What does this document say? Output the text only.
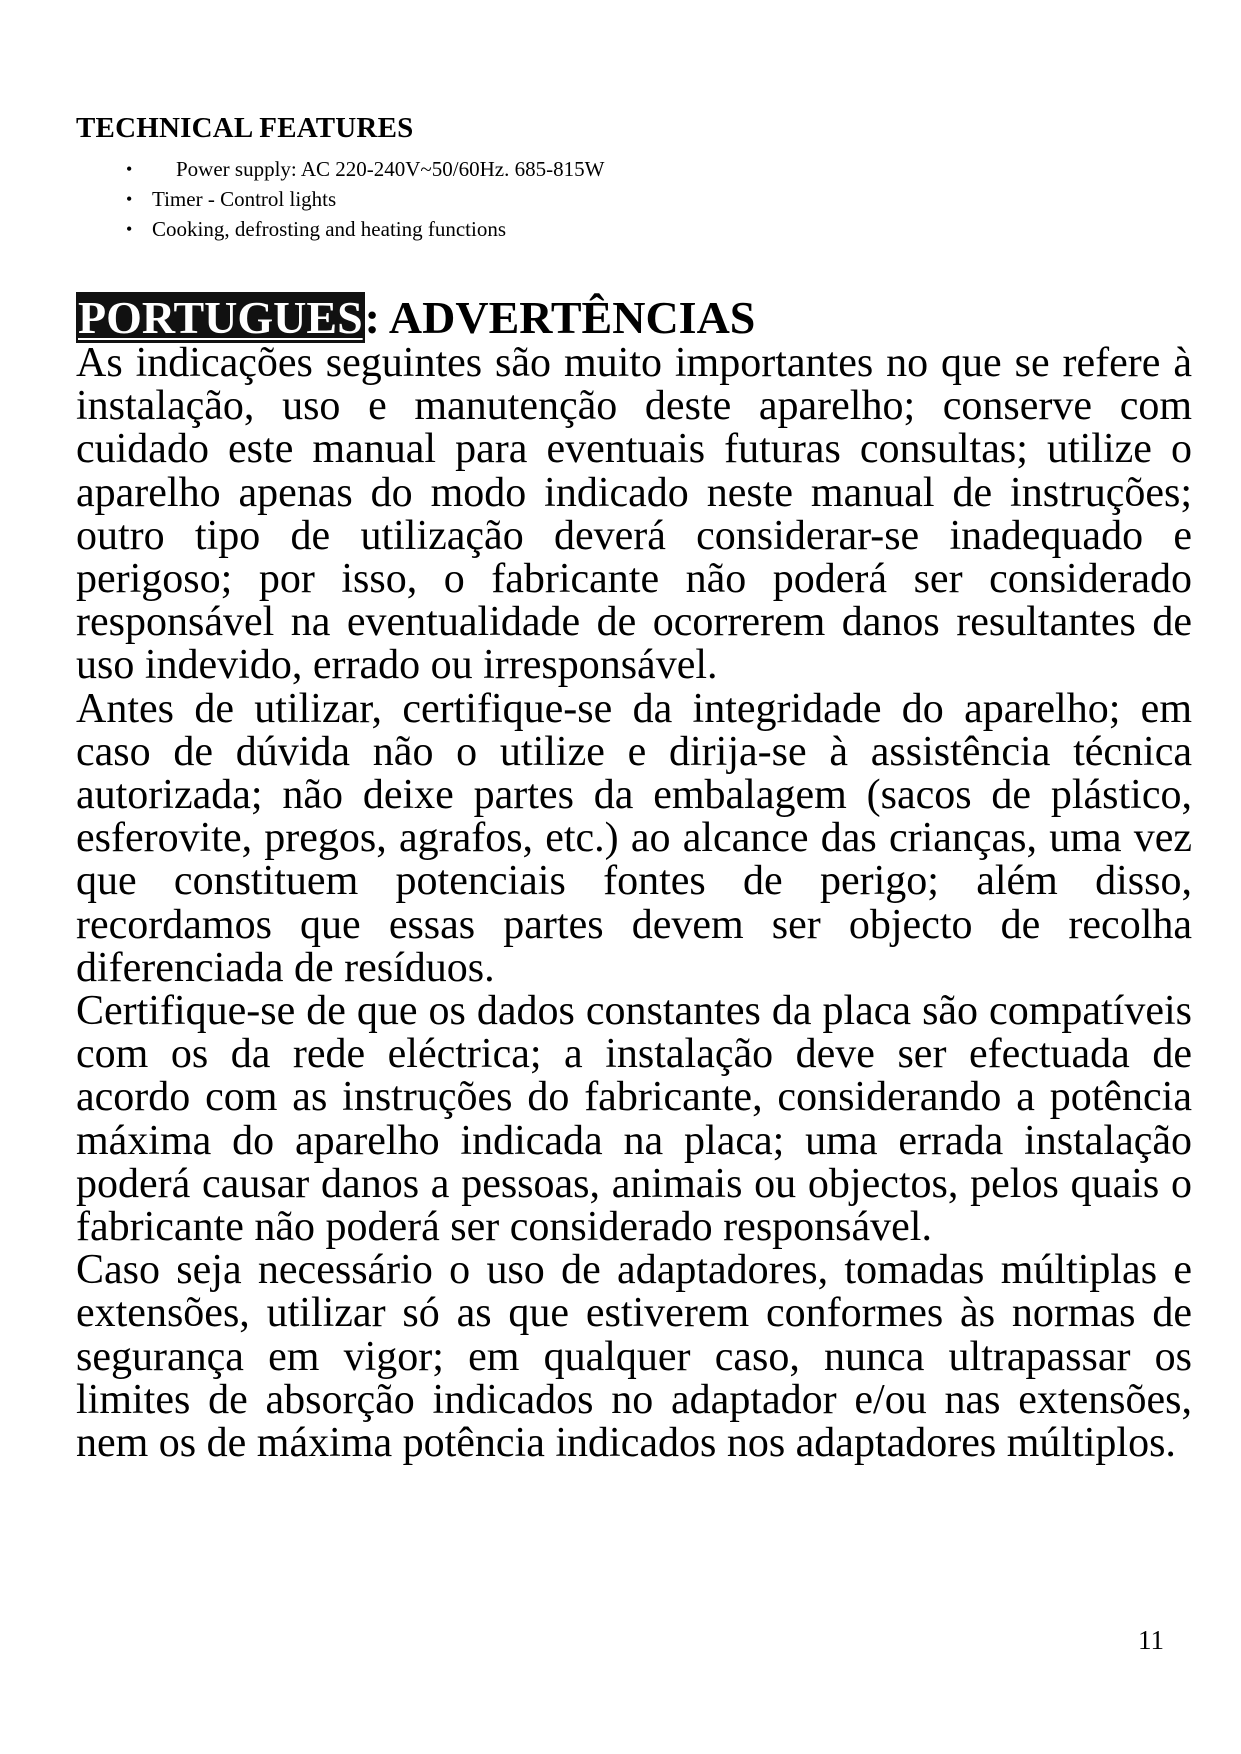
TECHNICAL FEATURES
• Power supply: AC 220-240V~50/60Hz. 685-815W
• Timer - Control lights
• Cooking, defrosting and heating functions
PORTUGUES: ADVERTÊNCIAS

As indicações seguintes são muito importantes no que se refere à instalação, uso e manutenção deste aparelho; conserve com cuidado este manual para eventuais futuras consultas; utilize o aparelho apenas do modo indicado neste manual de instruções; outro tipo de utilização deverá considerar-se inadequado e perigoso; por isso, o fabricante não poderá ser considerado responsável na eventualidade de ocorrerem danos resultantes de uso indevido, errado ou irresponsável.

Antes de utilizar, certifique-se da integridade do aparelho; em caso de dúvida não o utilize e dirija-se à assistência técnica autorizada; não deixe partes da embalagem (sacos de plástico, esferovite, pregos, agrafos, etc.) ao alcance das crianças, uma vez que constituem potenciais fontes de perigo; além disso, recordamos que essas partes devem ser objecto de recolha diferenciada de resíduos.

Certifique-se de que os dados constantes da placa são compatíveis com os da rede eléctrica; a instalação deve ser efectuada de acordo com as instruções do fabricante, considerando a potência máxima do aparelho indicada na placa; uma errada instalação poderá causar danos a pessoas, animais ou objectos, pelos quais o fabricante não poderá ser considerado responsável.

Caso seja necessário o uso de adaptadores, tomadas múltiplas e extensões, utilizar só as que estiverem conformes às normas de segurança em vigor; em qualquer caso, nunca ultrapassar os limites de absorção indicados no adaptador e/ou nas extensões, nem os de máxima potência indicados nos adaptadores múltiplos.

11
